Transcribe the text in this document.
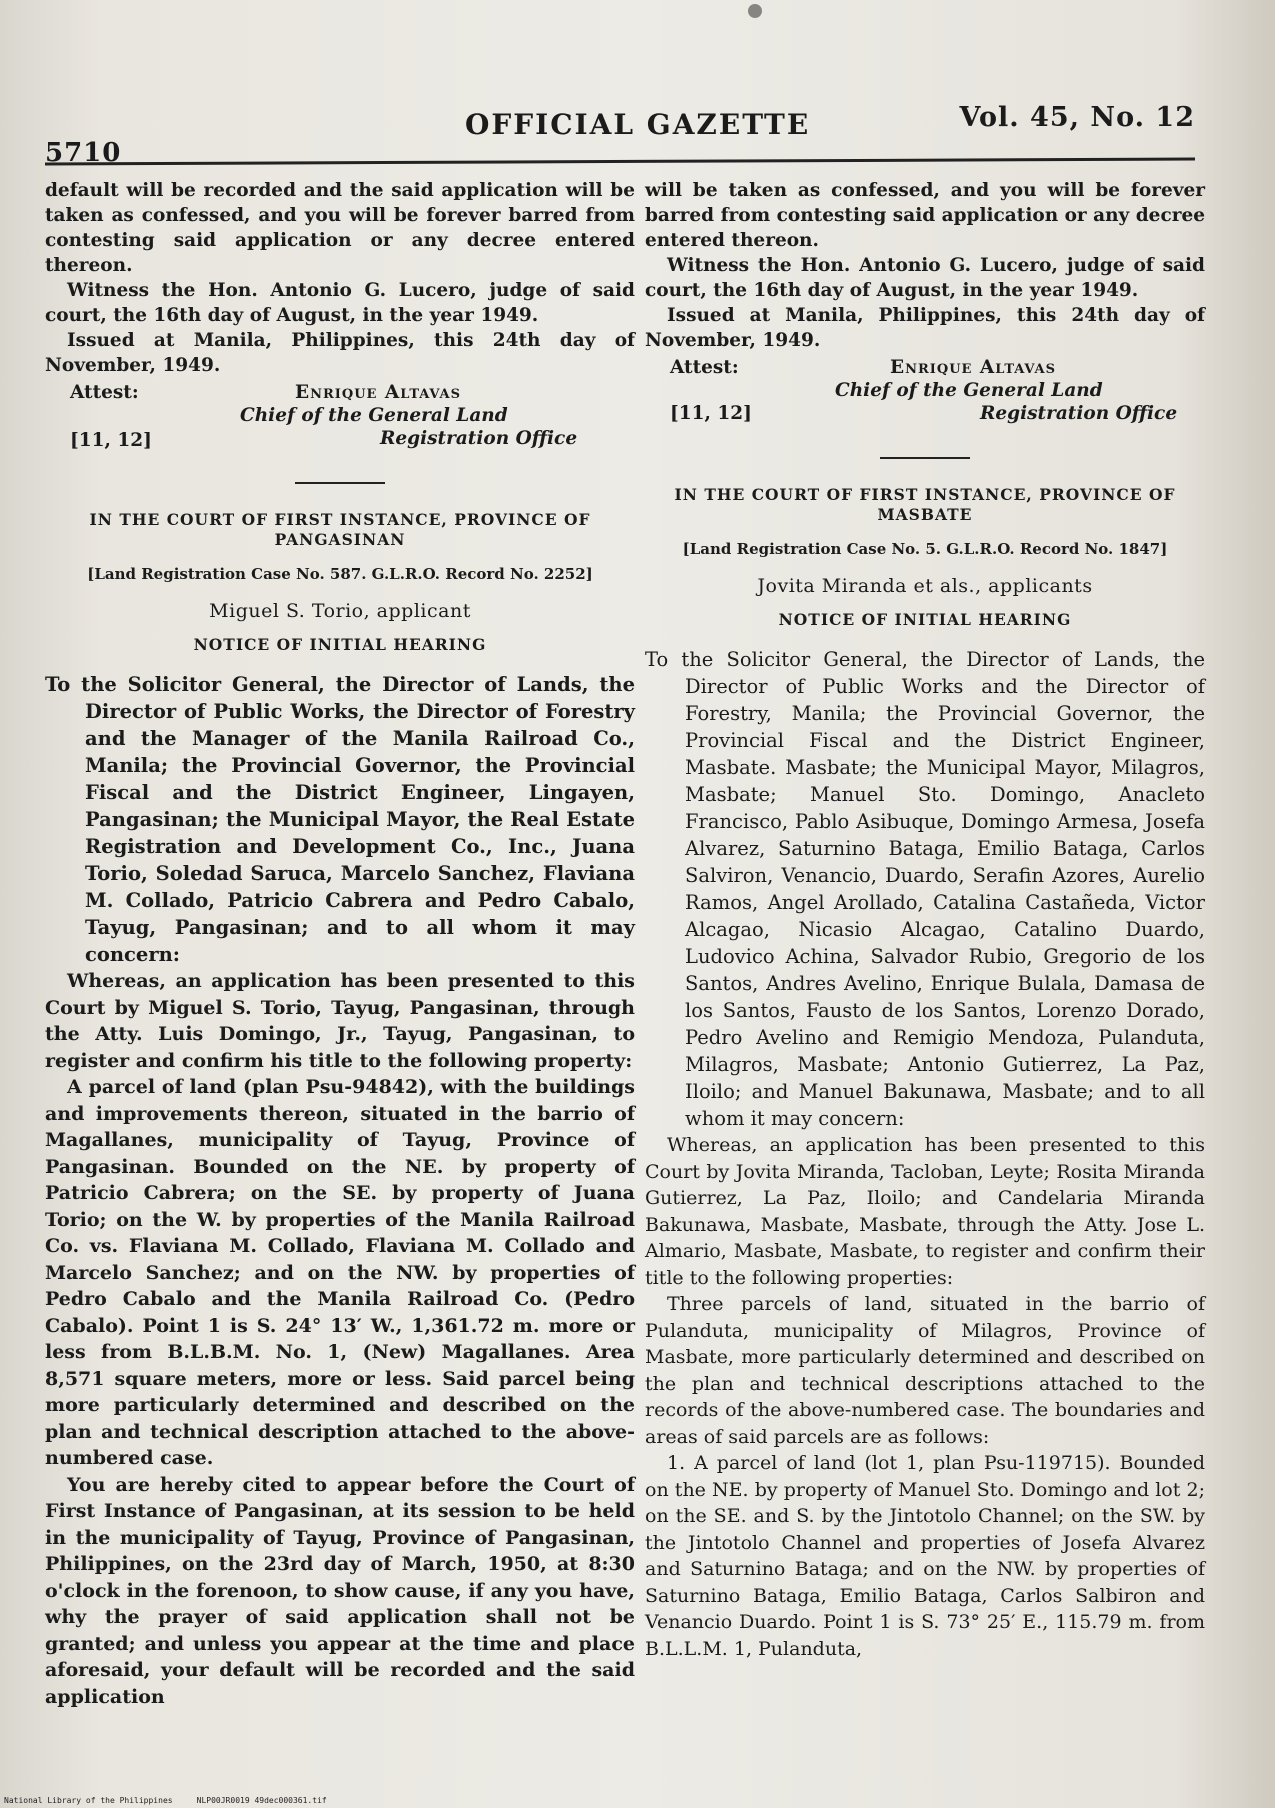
5710
OFFICIAL GAZETTE	Vol. 45, No. 12

default will be recorded and the said application will be taken as confessed, and you will be forever barred from contesting said application or any decree entered thereon.

Witness the Hon. Antonio G. Lucero, judge of said court, the 16th day of August, in the year 1949.

Issued at Manila, Philippines, this 24th day of November, 1949.

Attest:	Enrique Altavas
Chief of the General Land
[11, 12]	Registration Office
IN THE COURT OF FIRST INSTANCE, PROVINCE OF PANGASINAN
[Land Registration Case No. 587. G.L.R.O. Record No. 2252]
Miguel S. Torio, applicant
NOTICE OF INITIAL HEARING

To the Solicitor General, the Director of Lands, the Director of Public Works, the Director of Forestry and the Manager of the Manila Railroad Co., Manila; the Provincial Governor, the Provincial Fiscal and the District Engineer, Lingayen, Pangasinan; the Municipal Mayor, the Real Estate Registration and Development Co., Inc., Juana Torio, Soledad Saruca, Marcelo Sanchez, Flaviana M. Collado, Patricio Cabrera and Pedro Cabalo, Tayug, Pangasinan; and to all whom it may concern:

Whereas, an application has been presented to this Court by Miguel S. Torio, Tayug, Pangasinan, through the Atty. Luis Domingo, Jr., Tayug, Pangasinan, to register and confirm his title to the following property:

A parcel of land (plan Psu-94842), with the buildings and improvements thereon, situated in the barrio of Magallanes, municipality of Tayug, Province of Pangasinan. Bounded on the NE. by property of Patricio Cabrera; on the SE. by property of Juana Torio; on the W. by properties of the Manila Railroad Co. vs. Flaviana M. Collado, Flaviana M. Collado and Marcelo Sanchez; and on the NW. by properties of Pedro Cabalo and the Manila Railroad Co. (Pedro Cabalo). Point 1 is S. 24° 13′ W., 1,361.72 m. more or less from B.L.B.M. No. 1, (New) Magallanes. Area 8,571 square meters, more or less. Said parcel being more particularly determined and described on the plan and technical description attached to the above-numbered case.

You are hereby cited to appear before the Court of First Instance of Pangasinan, at its session to be held in the municipality of Tayug, Province of Pangasinan, Philippines, on the 23rd day of March, 1950, at 8:30 o'clock in the forenoon, to show cause, if any you have, why the prayer of said application shall not be granted; and unless you appear at the time and place aforesaid, your default will be recorded and the said application

will be taken as confessed, and you will be forever barred from contesting said application or any decree entered thereon.

Witness the Hon. Antonio G. Lucero, judge of said court, the 16th day of August, in the year 1949.

Issued at Manila, Philippines, this 24th day of November, 1949.

Attest:	Enrique Altavas
Chief of the General Land
[11, 12]	Registration Office
IN THE COURT OF FIRST INSTANCE, PROVINCE OF MASBATE
[Land Registration Case No. 5. G.L.R.O. Record No. 1847]
Jovita Miranda et als., applicants
NOTICE OF INITIAL HEARING

To the Solicitor General, the Director of Lands, the Director of Public Works and the Director of Forestry, Manila; the Provincial Governor, the Provincial Fiscal and the District Engineer, Masbate. Masbate; the Municipal Mayor, Milagros, Masbate; Manuel Sto. Domingo, Anacleto Francisco, Pablo Asibuque, Domingo Armesa, Josefa Alvarez, Saturnino Bataga, Emilio Bataga, Carlos Salviron, Venancio, Duardo, Serafin Azores, Aurelio Ramos, Angel Arollado, Catalina Castañeda, Victor Alcagao, Nicasio Alcagao, Catalino Duardo, Ludovico Achina, Salvador Rubio, Gregorio de los Santos, Andres Avelino, Enrique Bulala, Damasa de los Santos, Fausto de los Santos, Lorenzo Dorado, Pedro Avelino and Remigio Mendoza, Pulanduta, Milagros, Masbate; Antonio Gutierrez, La Paz, Iloilo; and Manuel Bakunawa, Masbate; and to all whom it may concern:

Whereas, an application has been presented to this Court by Jovita Miranda, Tacloban, Leyte; Rosita Miranda Gutierrez, La Paz, Iloilo; and Candelaria Miranda Bakunawa, Masbate, Masbate, through the Atty. Jose L. Almario, Masbate, Masbate, to register and confirm their title to the following properties:

Three parcels of land, situated in the barrio of Pulanduta, municipality of Milagros, Province of Masbate, more particularly determined and described on the plan and technical descriptions attached to the records of the above-numbered case. The boundaries and areas of said parcels are as follows:

1. A parcel of land (lot 1, plan Psu-119715). Bounded on the NE. by property of Manuel Sto. Domingo and lot 2; on the SE. and S. by the Jintotolo Channel; on the SW. by the Jintotolo Channel and properties of Josefa Alvarez and Saturnino Bataga; and on the NW. by properties of Saturnino Bataga, Emilio Bataga, Carlos Salbiron and Venancio Duardo. Point 1 is S. 73° 25′ E., 115.79 m. from B.L.L.M. 1, Pulanduta,

National Library of the Philippines     NLP00JR0019 49dec000361.tif
